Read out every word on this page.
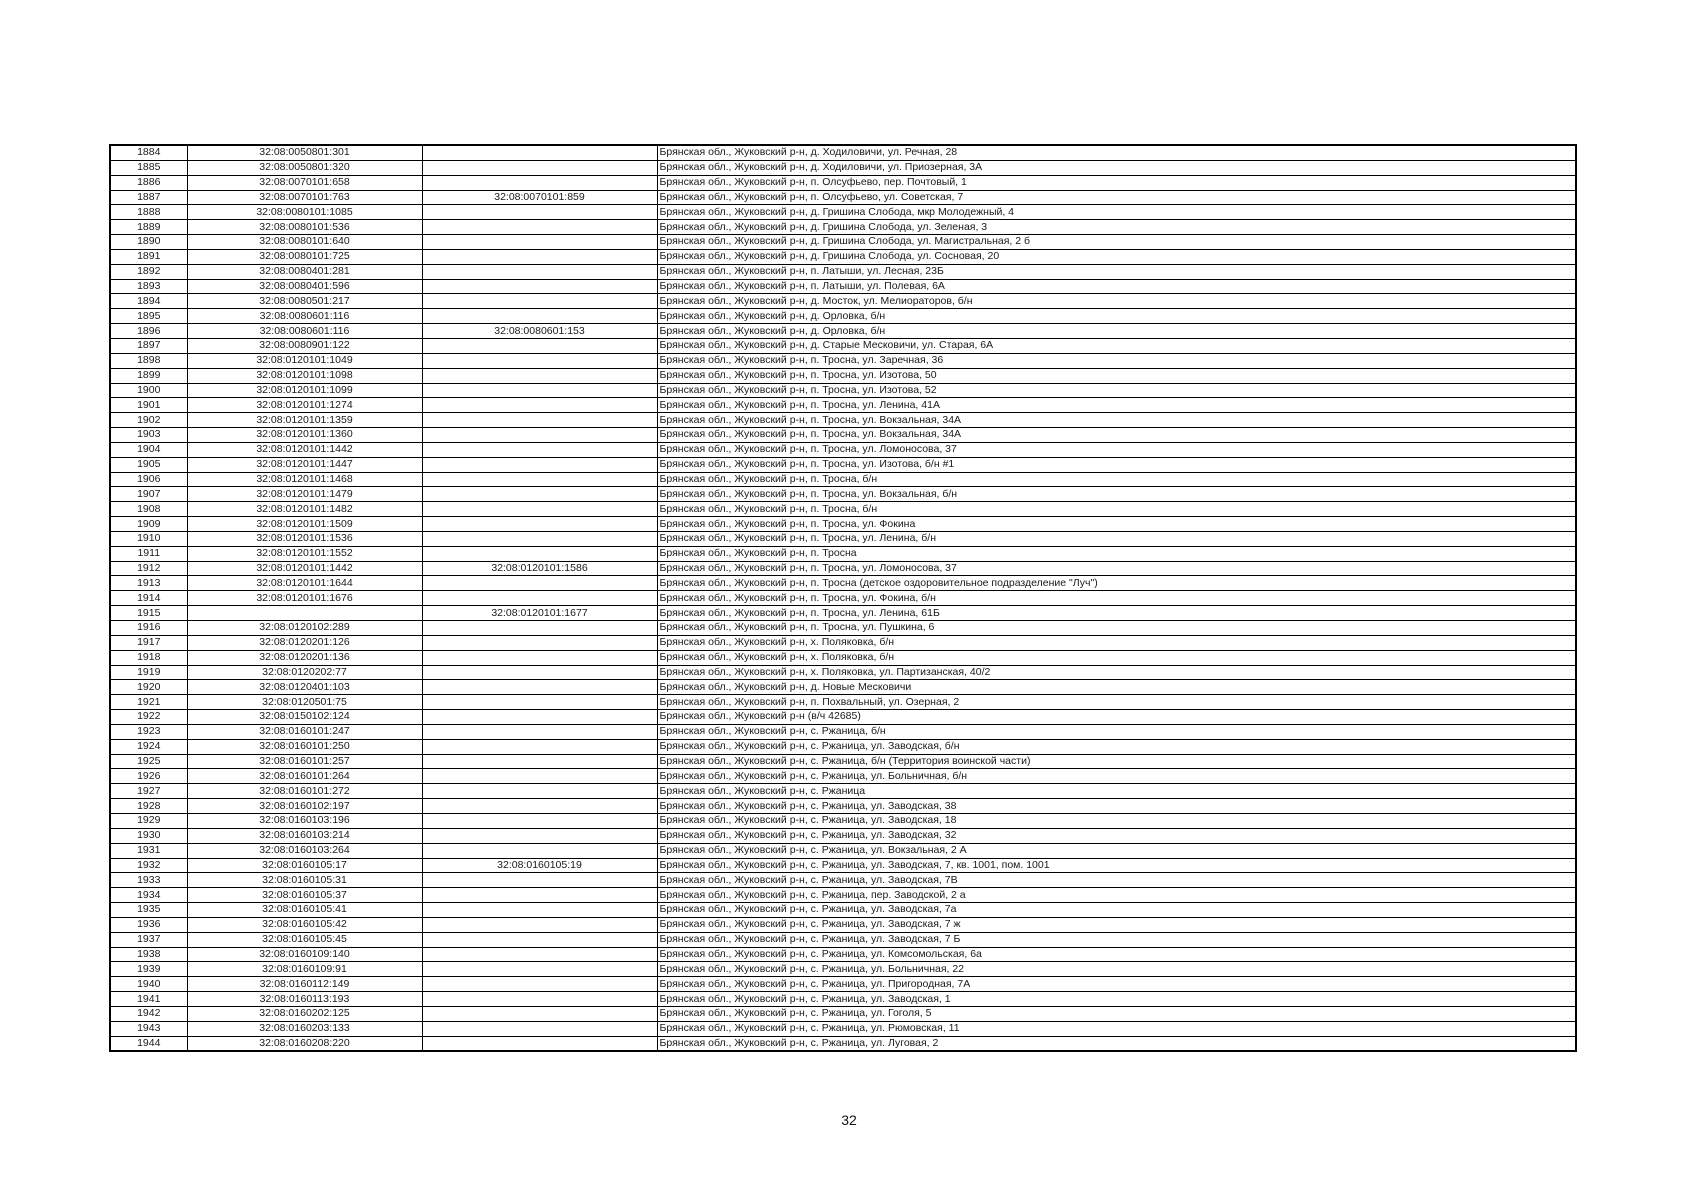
1884	32:08:0050801:301		Брянская обл., Жуковский р-н, д. Ходиловичи, ул. Речная, 28
1885	32:08:0050801:320		Брянская обл., Жуковский р-н, д. Ходиловичи, ул. Приозерная, 3А
1886	32:08:0070101:658		Брянская обл., Жуковский р-н, п. Олсуфьево, пер. Почтовый, 1
1887	32:08:0070101:763	32:08:0070101:859	Брянская обл., Жуковский р-н, п. Олсуфьево, ул. Советская, 7
1888	32:08:0080101:1085		Брянская обл., Жуковский р-н, д. Гришина Слобода, мкр Молодежный, 4
1889	32:08:0080101:536		Брянская обл., Жуковский р-н, д. Гришина Слобода, ул. Зеленая, 3
1890	32:08:0080101:640		Брянская обл., Жуковский р-н, д. Гришина Слобода, ул. Магистральная, 2 б
1891	32:08:0080101:725		Брянская обл., Жуковский р-н, д. Гришина Слобода, ул. Сосновая, 20
1892	32:08:0080401:281		Брянская обл., Жуковский р-н, п. Латыши, ул. Лесная, 23Б
1893	32:08:0080401:596		Брянская обл., Жуковский р-н, п. Латыши, ул. Полевая, 6А
1894	32:08:0080501:217		Брянская обл., Жуковский р-н, д. Мосток, ул. Мелиораторов, б/н
1895	32:08:0080601:116		Брянская обл., Жуковский р-н, д. Орловка, б/н
1896	32:08:0080601:116	32:08:0080601:153	Брянская обл., Жуковский р-н, д. Орловка, б/н
1897	32:08:0080901:122		Брянская обл., Жуковский р-н, д. Старые Месковичи, ул. Старая, 6А
1898	32:08:0120101:1049		Брянская обл., Жуковский р-н, п. Тросна, ул. Заречная, 36
1899	32:08:0120101:1098		Брянская обл., Жуковский р-н, п. Тросна, ул. Изотова, 50
1900	32:08:0120101:1099		Брянская обл., Жуковский р-н, п. Тросна, ул. Изотова, 52
1901	32:08:0120101:1274		Брянская обл., Жуковский р-н, п. Тросна, ул. Ленина, 41А
1902	32:08:0120101:1359		Брянская обл., Жуковский р-н, п. Тросна, ул. Вокзальная, 34А
1903	32:08:0120101:1360		Брянская обл., Жуковский р-н, п. Тросна, ул. Вокзальная, 34А
1904	32:08:0120101:1442		Брянская обл., Жуковский р-н, п. Тросна, ул. Ломоносова, 37
1905	32:08:0120101:1447		Брянская обл., Жуковский р-н, п. Тросна, ул. Изотова, б/н #1
1906	32:08:0120101:1468		Брянская обл., Жуковский р-н, п. Тросна, б/н
1907	32:08:0120101:1479		Брянская обл., Жуковский р-н, п. Тросна, ул. Вокзальная, б/н
1908	32:08:0120101:1482		Брянская обл., Жуковский р-н, п. Тросна, б/н
1909	32:08:0120101:1509		Брянская обл., Жуковский р-н, п. Тросна, ул. Фокина
1910	32:08:0120101:1536		Брянская обл., Жуковский р-н, п. Тросна, ул. Ленина, б/н
1911	32:08:0120101:1552		Брянская обл., Жуковский р-н, п. Тросна
1912	32:08:0120101:1442	32:08:0120101:1586	Брянская обл., Жуковский р-н, п. Тросна, ул. Ломоносова, 37
1913	32:08:0120101:1644		Брянская обл., Жуковский р-н, п. Тросна (детское оздоровительное подразделение "Луч")
1914	32:08:0120101:1676		Брянская обл., Жуковский р-н, п. Тросна, ул. Фокина, б/н
1915		32:08:0120101:1677	Брянская обл., Жуковский р-н, п. Тросна, ул. Ленина, 61Б
1916	32:08:0120102:289		Брянская обл., Жуковский р-н, п. Тросна, ул. Пушкина, 6
1917	32:08:0120201:126		Брянская обл., Жуковский р-н, х. Поляковка, б/н
1918	32:08:0120201:136		Брянская обл., Жуковский р-н, х. Поляковка, б/н
1919	32:08:0120202:77		Брянская обл., Жуковский р-н, х. Поляковка, ул. Партизанская, 40/2
1920	32:08:0120401:103		Брянская обл., Жуковский р-н, д. Новые Месковичи
1921	32:08:0120501:75		Брянская обл., Жуковский р-н, п. Похвальный, ул. Озерная, 2
1922	32:08:0150102:124		Брянская обл., Жуковский р-н (в/ч 42685)
1923	32:08:0160101:247		Брянская обл., Жуковский р-н, с. Ржаница, б/н
1924	32:08:0160101:250		Брянская обл., Жуковский р-н, с. Ржаница, ул. Заводская, б/н
1925	32:08:0160101:257		Брянская обл., Жуковский р-н, с. Ржаница, б/н (Территория воинской части)
1926	32:08:0160101:264		Брянская обл., Жуковский р-н, с. Ржаница, ул. Больничная, б/н
1927	32:08:0160101:272		Брянская обл., Жуковский р-н, с. Ржаница
1928	32:08:0160102:197		Брянская обл., Жуковский р-н, с. Ржаница, ул. Заводская, 38
1929	32:08:0160103:196		Брянская обл., Жуковский р-н, с. Ржаница, ул. Заводская, 18
1930	32:08:0160103:214		Брянская обл., Жуковский р-н, с. Ржаница, ул. Заводская, 32
1931	32:08:0160103:264		Брянская обл., Жуковский р-н, с. Ржаница, ул. Вокзальная, 2 А
1932	32:08:0160105:17	32:08:0160105:19	Брянская обл., Жуковский р-н, с. Ржаница, ул. Заводская, 7, кв. 1001, пом. 1001
1933	32:08:0160105:31		Брянская обл., Жуковский р-н, с. Ржаница, ул. Заводская, 7В
1934	32:08:0160105:37		Брянская обл., Жуковский р-н, с. Ржаница, пер. Заводской, 2 а
1935	32:08:0160105:41		Брянская обл., Жуковский р-н, с. Ржаница, ул. Заводская, 7а
1936	32:08:0160105:42		Брянская обл., Жуковский р-н, с. Ржаница, ул. Заводская, 7 ж
1937	32:08:0160105:45		Брянская обл., Жуковский р-н, с. Ржаница, ул. Заводская, 7 Б
1938	32:08:0160109:140		Брянская обл., Жуковский р-н, с. Ржаница, ул. Комсомольская, 6а
1939	32:08:0160109:91		Брянская обл., Жуковский р-н, с. Ржаница, ул. Больничная, 22
1940	32:08:0160112:149		Брянская обл., Жуковский р-н, с. Ржаница, ул. Пригородная, 7А
1941	32:08:0160113:193		Брянская обл., Жуковский р-н, с. Ржаница, ул. Заводская, 1
1942	32:08:0160202:125		Брянская обл., Жуковский р-н, с. Ржаница, ул. Гоголя, 5
1943	32:08:0160203:133		Брянская обл., Жуковский р-н, с. Ржаница, ул. Рюмовская, 11
1944	32:08:0160208:220		Брянская обл., Жуковский р-н, с. Ржаница, ул. Луговая, 2
32
